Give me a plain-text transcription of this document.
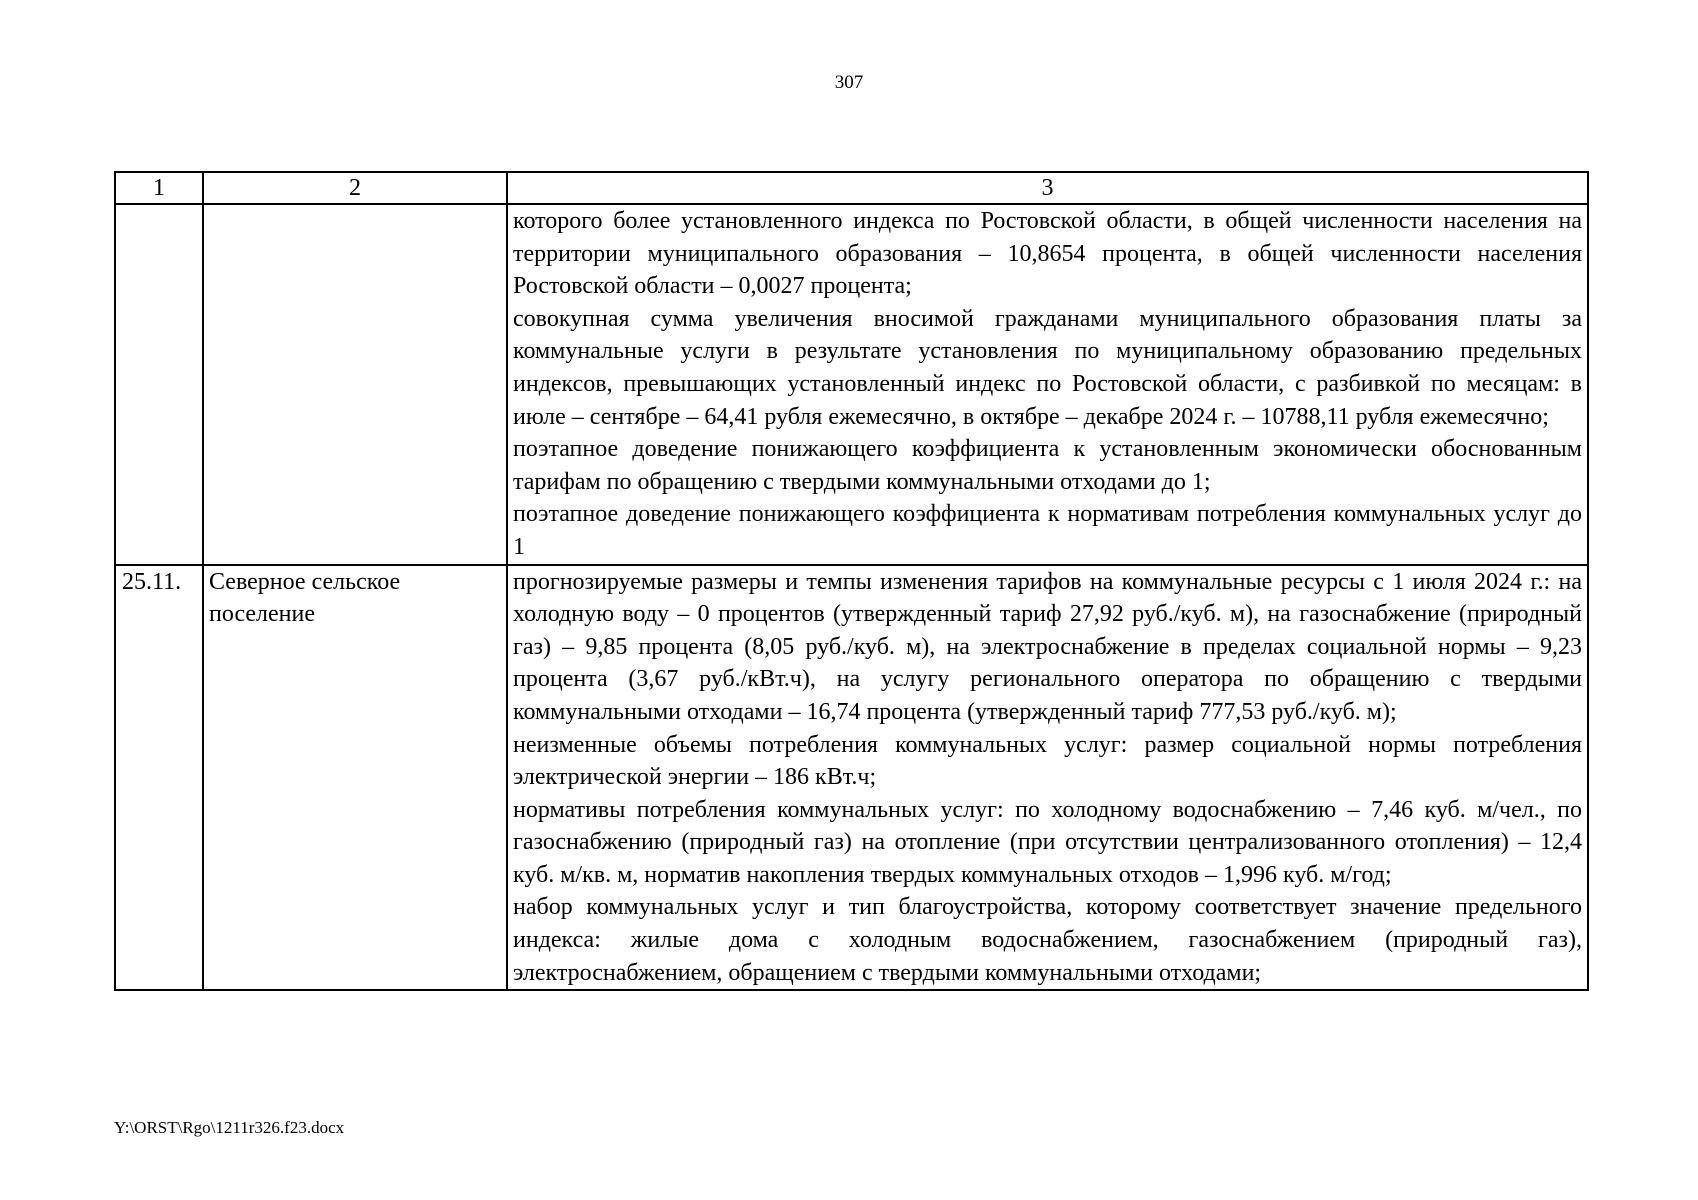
307
1	2	3

		которого более установленного индекса по Ростовской области, в общей численности населения на территории муниципального образования – 10,8654 процента, в общей численности населения Ростовской области – 0,0027 процента;

совокупная сумма увеличения вносимой гражданами муниципального образования платы за коммунальные услуги в результате установления по муниципальному образованию предельных индексов, превышающих установленный индекс по Ростовской области, с разбивкой по месяцам: в июле – сентябре – 64,41 рубля ежемесячно, в октябре – декабре 2024 г. – 10788,11 рубля ежемесячно;

поэтапное доведение понижающего коэффициента к установленным экономически обоснованным тарифам по обращению с твердыми коммунальными отходами до 1;

поэтапное доведение понижающего коэффициента к нормативам потребления коммунальных услуг до 1

25.11.	Северное сельское поселение	прогнозируемые размеры и темпы изменения тарифов на коммунальные ресурсы с 1 июля 2024 г.: на холодную воду – 0 процентов (утвержденный тариф 27,92 руб./куб. м), на газоснабжение (природный газ) – 9,85 процента (8,05 руб./куб. м), на электроснабжение в пределах социальной нормы – 9,23 процента (3,67 руб./кВт.ч), на услугу регионального оператора по обращению с твердыми коммунальными отходами – 16,74 процента (утвержденный тариф 777,53 руб./куб. м);

неизменные объемы потребления коммунальных услуг: размер социальной нормы потребления электрической энергии – 186 кВт.ч;

нормативы потребления коммунальных услуг: по холодному водоснабжению – 7,46 куб. м/чел., по газоснабжению (природный газ) на отопление (при отсутствии централизованного отопления) – 12,4 куб. м/кв. м, норматив накопления твердых коммунальных отходов – 1,996 куб. м/год;

набор коммунальных услуг и тип благоустройства, которому соответствует значение предельного индекса: жилые дома с холодным водоснабжением, газоснабжением (природный газ), электроснабжением, обращением с твердыми коммунальными отходами;

Y:\ORST\Rgo\1211r326.f23.docx
